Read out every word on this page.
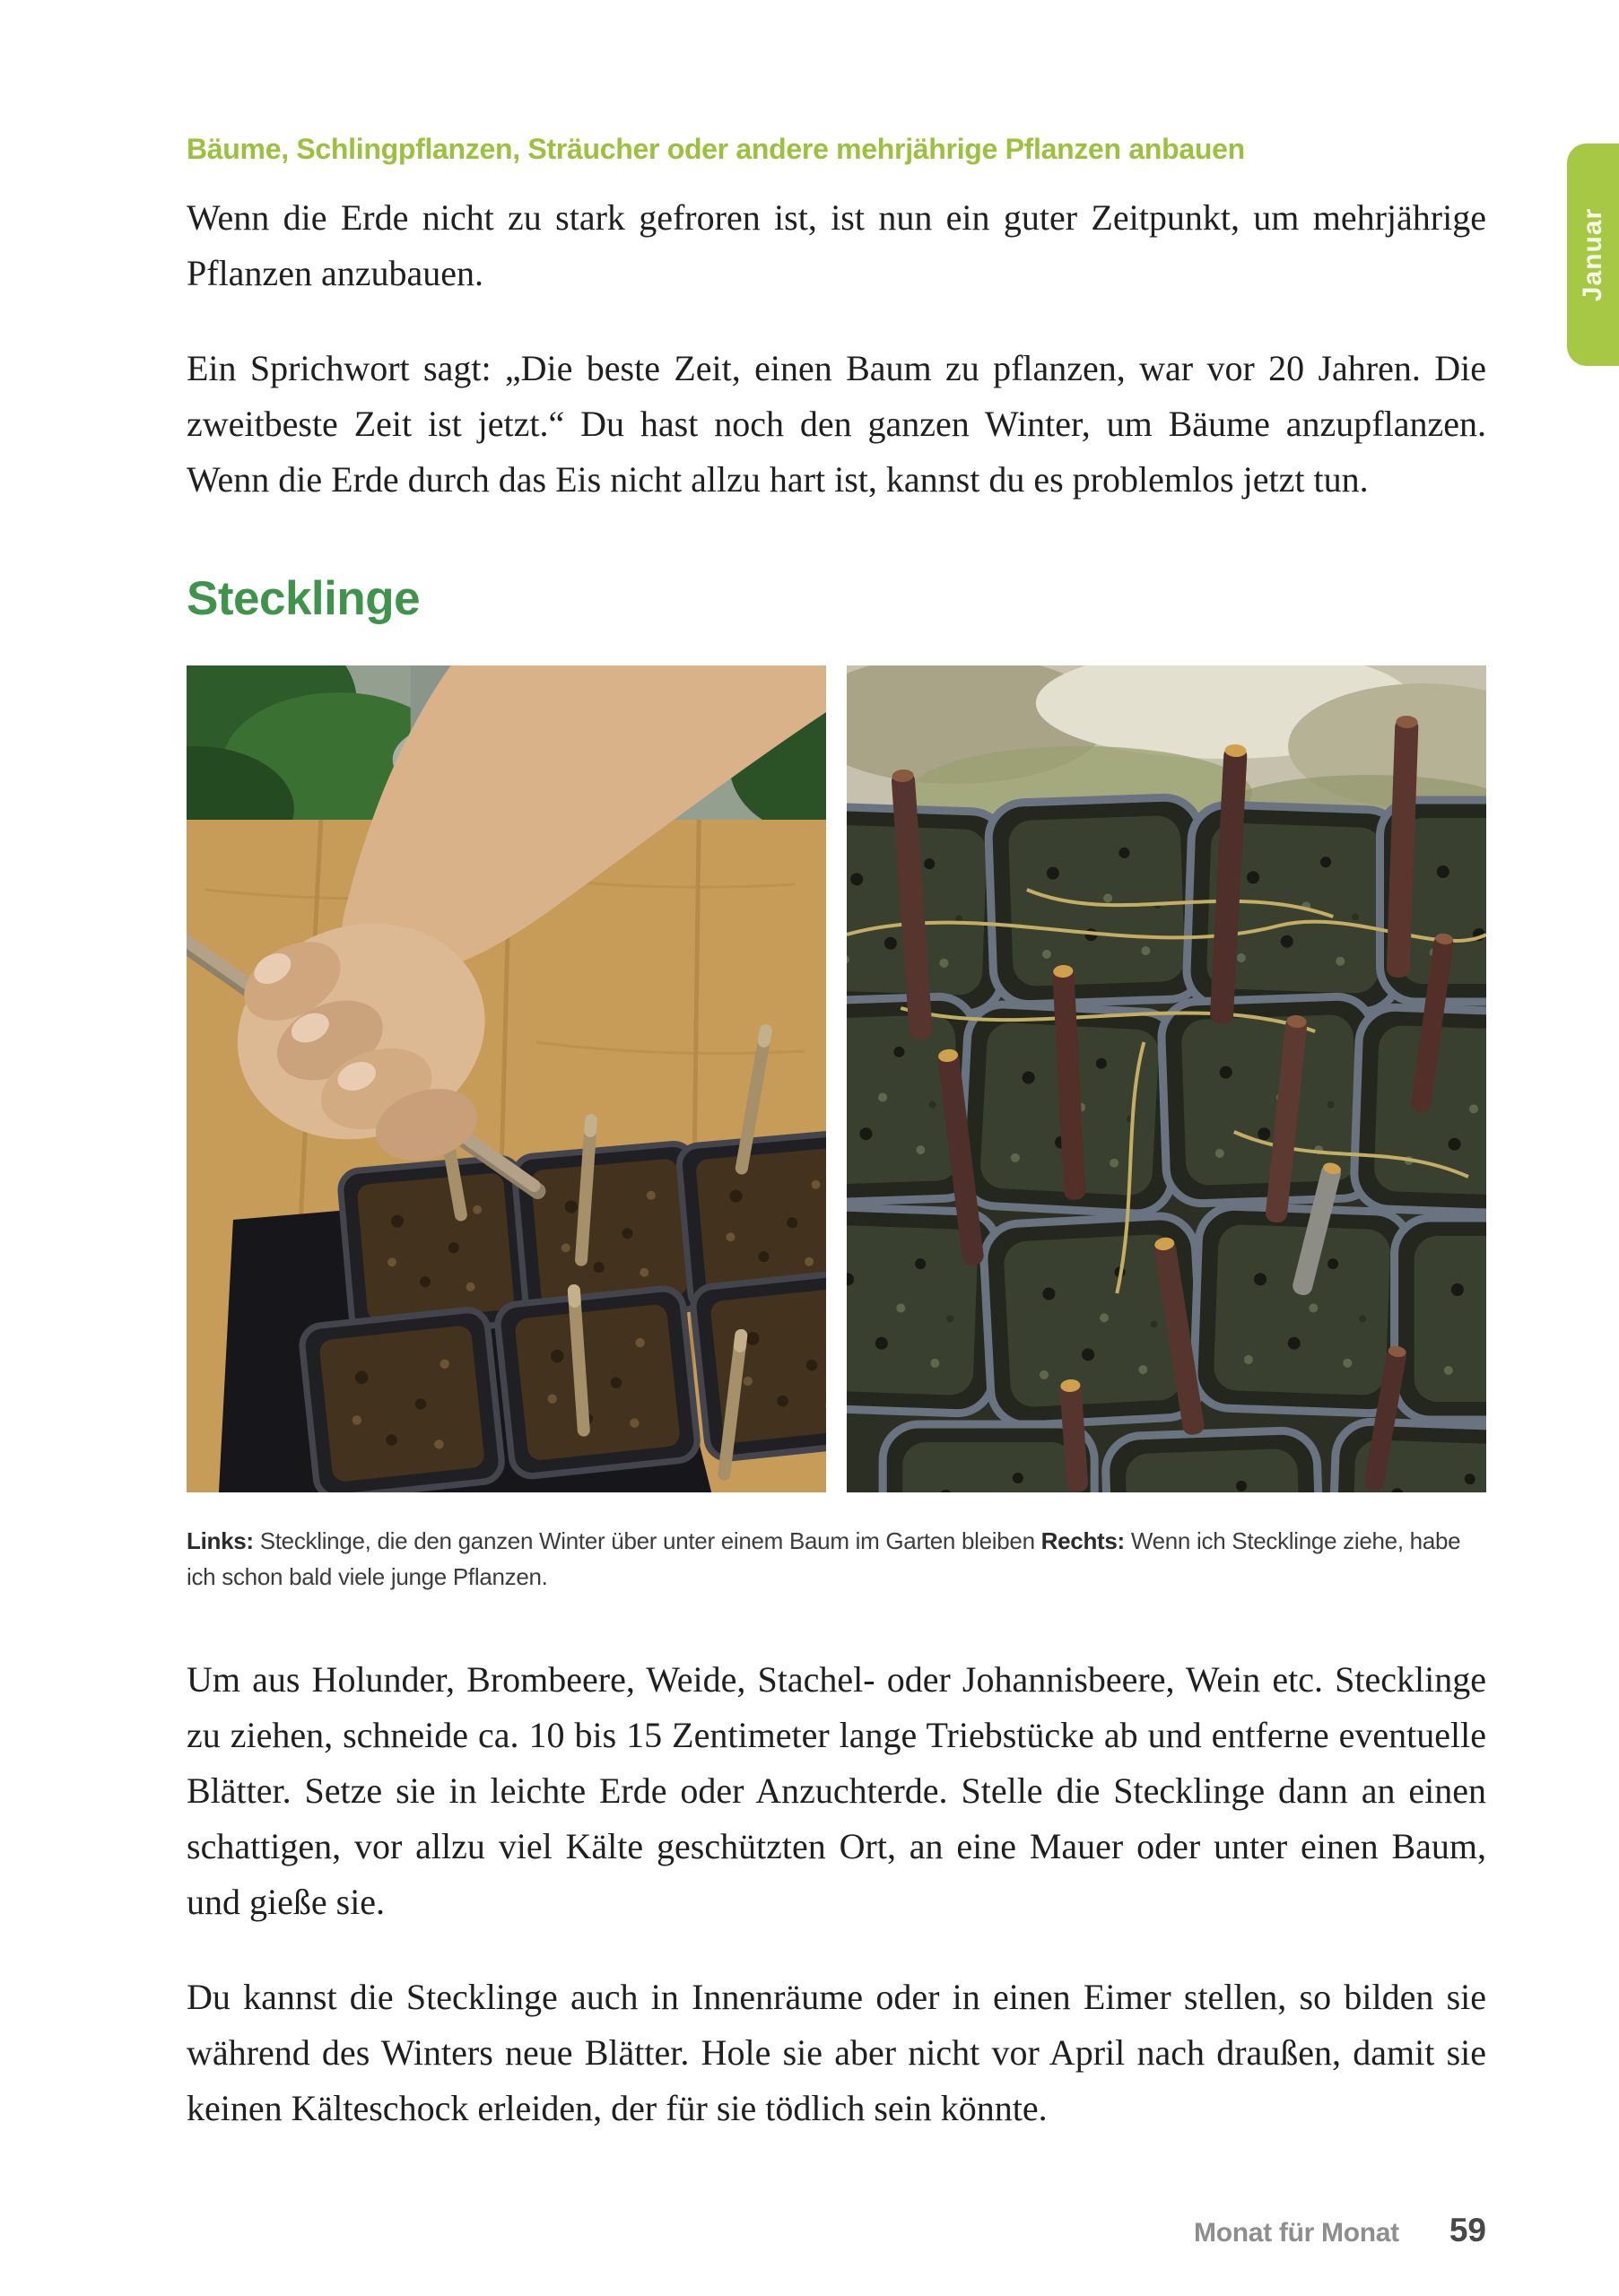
Januar
Bäume, Schlingpflanzen, Sträucher oder andere mehrjährige Pflanzen anbauen

Wenn die Erde nicht zu stark gefroren ist, ist nun ein guter Zeitpunkt, um mehrjährige Pflanzen anzubauen.

Ein Sprichwort sagt: „Die beste Zeit, einen Baum zu pflanzen, war vor 20 Jahren. Die zweitbeste Zeit ist jetzt.“ Du hast noch den ganzen Winter, um Bäume anzupflanzen. Wenn die Erde durch das Eis nicht allzu hart ist, kannst du es problemlos jetzt tun.

Stecklinge

Links: Stecklinge, die den ganzen Winter über unter einem Baum im Garten bleiben Rechts: Wenn ich Stecklinge ziehe, habe ich schon bald viele junge Pflanzen.

Um aus Holunder, Brombeere, Weide, Stachel- oder Johannisbeere, Wein etc. Stecklinge zu ziehen, schneide ca. 10 bis 15 Zentimeter lange Triebstücke ab und entferne eventuelle Blätter. Setze sie in leichte Erde oder Anzuchterde. Stelle die Stecklinge dann an einen schattigen, vor allzu viel Kälte geschützten Ort, an eine Mauer oder unter einen Baum, und gieße sie.

Du kannst die Stecklinge auch in Innenräume oder in einen Eimer stellen, so bilden sie während des Winters neue Blätter. Hole sie aber nicht vor April nach draußen, damit sie keinen Kälteschock erleiden, der für sie tödlich sein könnte.

Monat für Monat 59
